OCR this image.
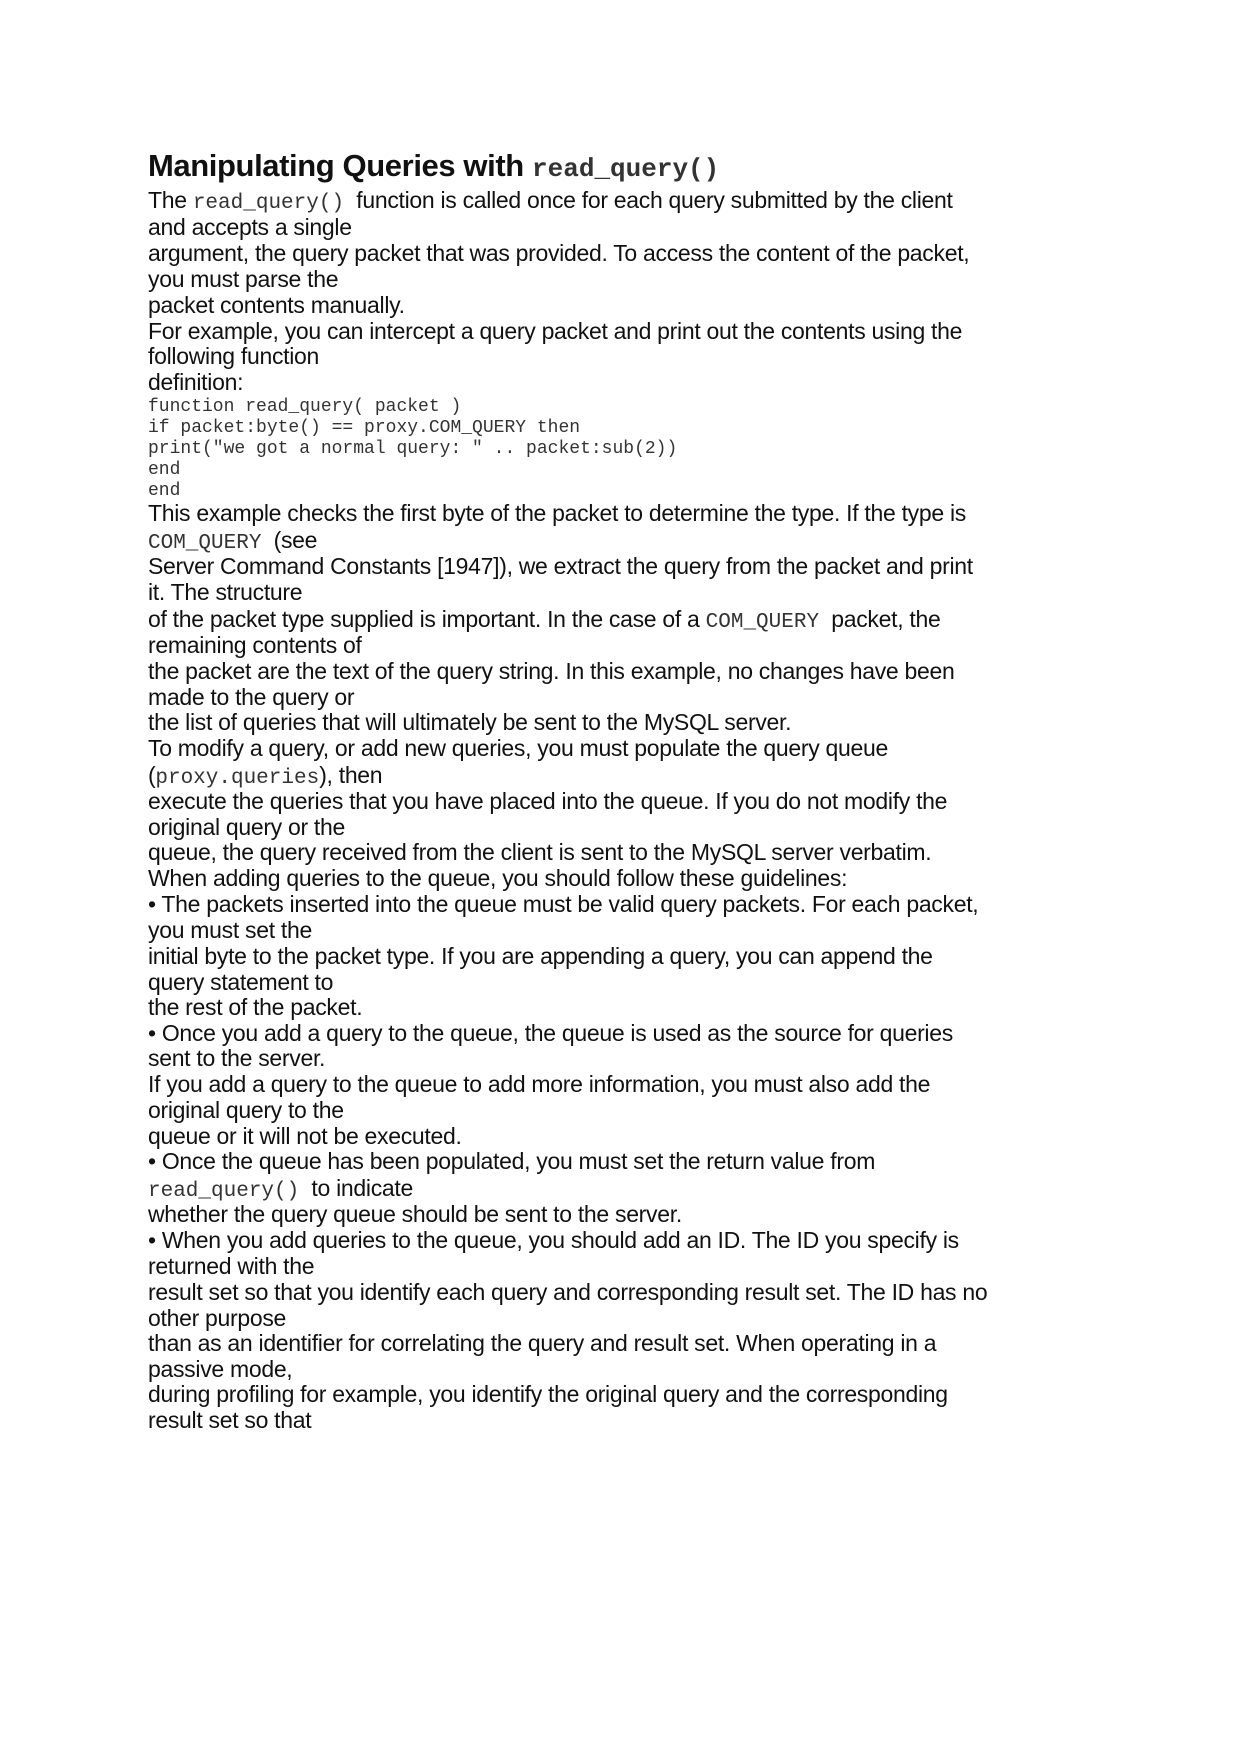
Manipulating Queries with read_query()
The read_query()  function is called once for each query submitted by the client
and accepts a single
argument, the query packet that was provided. To access the content of the packet,
you must parse the
packet contents manually.
For example, you can intercept a query packet and print out the contents using the
following function
definition:
function read_query( packet )
if packet:byte() == proxy.COM_QUERY then
print("we got a normal query: " .. packet:sub(2))
end
end
This example checks the first byte of the packet to determine the type. If the type is
COM_QUERY  (see
Server Command Constants [1947]), we extract the query from the packet and print
it. The structure
of the packet type supplied is important. In the case of a COM_QUERY  packet, the
remaining contents of
the packet are the text of the query string. In this example, no changes have been
made to the query or
the list of queries that will ultimately be sent to the MySQL server.
To modify a query, or add new queries, you must populate the query queue
(proxy.queries), then
execute the queries that you have placed into the queue. If you do not modify the
original query or the
queue, the query received from the client is sent to the MySQL server verbatim.
When adding queries to the queue, you should follow these guidelines:
• The packets inserted into the queue must be valid query packets. For each packet,
you must set the
initial byte to the packet type. If you are appending a query, you can append the
query statement to
the rest of the packet.
• Once you add a query to the queue, the queue is used as the source for queries
sent to the server.
If you add a query to the queue to add more information, you must also add the
original query to the
queue or it will not be executed.
• Once the queue has been populated, you must set the return value from
read_query()  to indicate
whether the query queue should be sent to the server.
• When you add queries to the queue, you should add an ID. The ID you specify is
returned with the
result set so that you identify each query and corresponding result set. The ID has no
other purpose
than as an identifier for correlating the query and result set. When operating in a
passive mode,
during profiling for example, you identify the original query and the corresponding
result set so that
